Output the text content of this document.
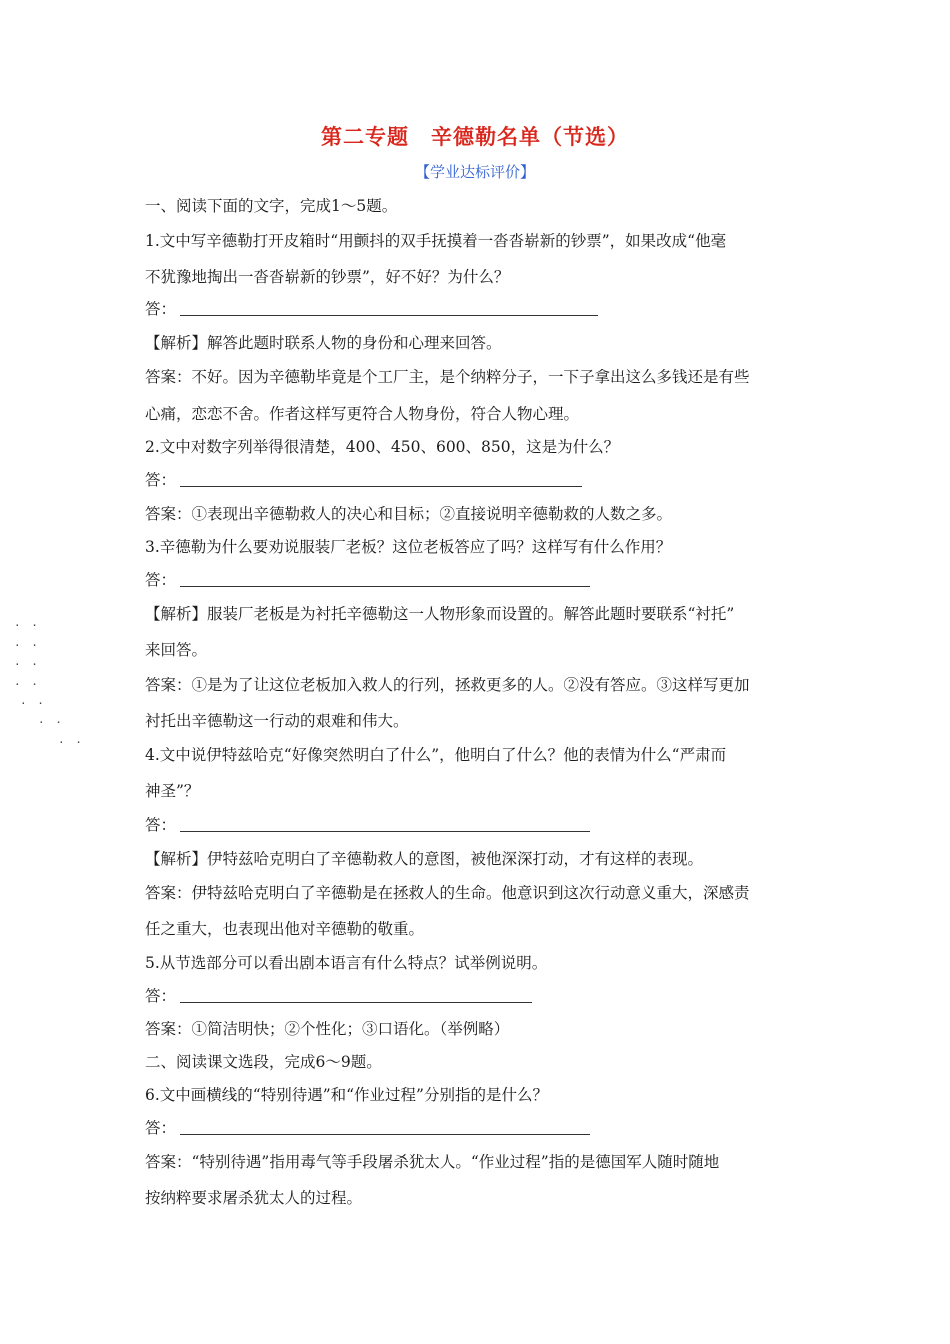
第二专题　辛德勒名单（节选）
【学业达标评价】
. .
. .
. .
. .
. .
. .
. .
一、阅读下面的文字，完成1～5题。
1.文中写辛德勒打开皮箱时“用颤抖的双手抚摸着一沓沓崭新的钞票”，如果改成“他毫
不犹豫地掏出一沓沓崭新的钞票”，好不好？为什么？
答：
【解析】解答此题时联系人物的身份和心理来回答。
答案：不好。因为辛德勒毕竟是个工厂主，是个纳粹分子，一下子拿出这么多钱还是有些
心痛，恋恋不舍。作者这样写更符合人物身份，符合人物心理。
2.文中对数字列举得很清楚，400、450、600、850，这是为什么？
答：
答案：①表现出辛德勒救人的决心和目标；②直接说明辛德勒救的人数之多。
3.辛德勒为什么要劝说服装厂老板？这位老板答应了吗？这样写有什么作用？
答：
【解析】服装厂老板是为衬托辛德勒这一人物形象而设置的。解答此题时要联系“衬托”
来回答。
答案：①是为了让这位老板加入救人的行列，拯救更多的人。②没有答应。③这样写更加
衬托出辛德勒这一行动的艰难和伟大。
4.文中说伊特兹哈克“好像突然明白了什么”，他明白了什么？他的表情为什么“严肃而
神圣”？
答：
【解析】伊特兹哈克明白了辛德勒救人的意图，被他深深打动，才有这样的表现。
答案：伊特兹哈克明白了辛德勒是在拯救人的生命。他意识到这次行动意义重大，深感责
任之重大，也表现出他对辛德勒的敬重。
5.从节选部分可以看出剧本语言有什么特点？试举例说明。
答：
答案：①简洁明快；②个性化；③口语化。（举例略）
二、阅读课文选段，完成6～9题。
6.文中画横线的“特别待遇”和“作业过程”分别指的是什么？
答：
答案：“特别待遇”指用毒气等手段屠杀犹太人。“作业过程”指的是德国军人随时随地
按纳粹要求屠杀犹太人的过程。
